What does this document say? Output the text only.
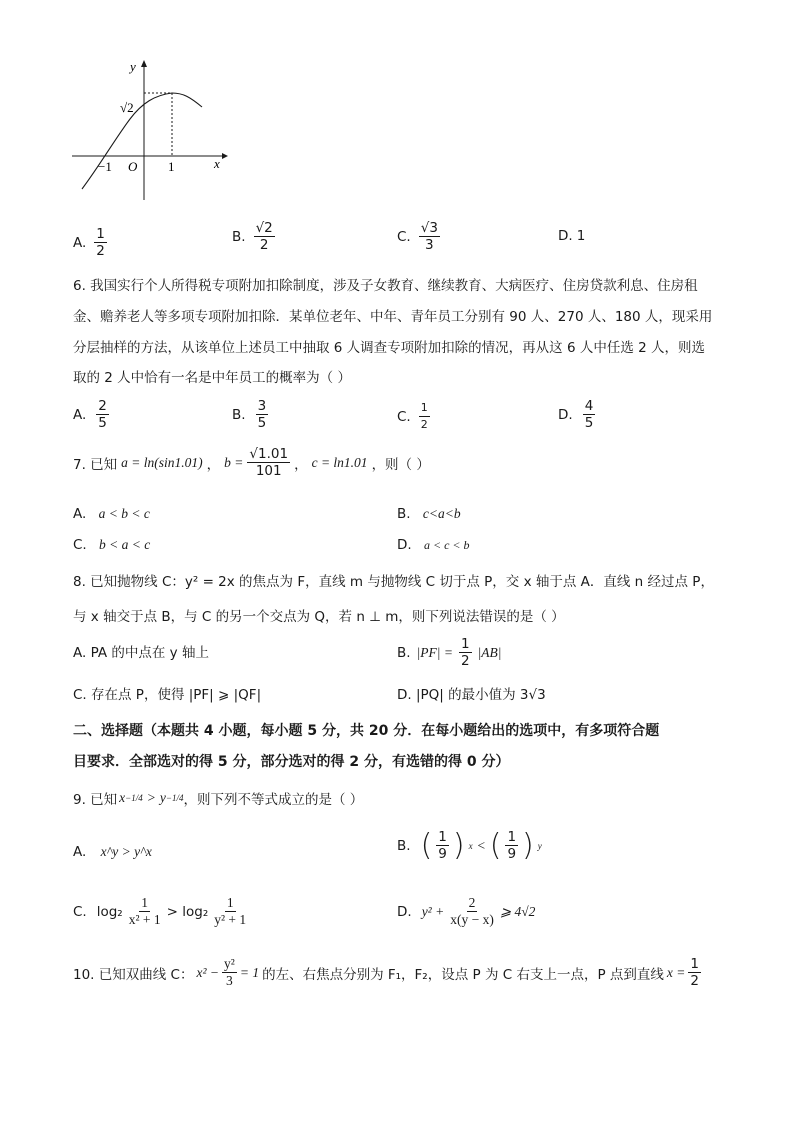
y
x
O
−1	1
√2
A. $\frac{1}{2}$	B. $\frac{√2}{2}$	C. $\frac{√3}{3}$	D. 1
6. 我国实行个人所得税专项附加扣除制度，涉及子女教育、继续教育、大病医疗、住房贷款利息、住房租
金、赡养老人等多项专项附加扣除．某单位老年、中年、青年员工分别有 90 人、270 人、180 人，现采用
分层抽样的方法，从该单位上述员工中抽取 6 人调查专项附加扣除的情况，再从这 6 人中任选 2 人，则选
取的 2 人中恰有一名是中年员工的概率为（ ）
A. $\frac{2}{5}$	B. $\frac{3}{5}$	C. $\frac{1}{2}$	D. $\frac{4}{5}$
7. 已知 a = ln(sin1.01) ， $b = \frac{√1.01}{101}$ ， c = ln1.01 ，则（ ）
A. a < b < c	B. c<a<b
C. b < a < c	D. a < c < b
8. 已知抛物线 C：y² = 2x 的焦点为 F，直线 m 与抛物线 C 切于点 P，交 x 轴于点 A．直线 n 经过点 P，
与 x 轴交于点 B，与 C 的另一个交点为 Q，若 n ⊥ m，则下列说法错误的是（ ）
A. PA 的中点在 y 轴上	B. $|PF| = \frac{1}{2} |AB|$
C. 存在点 P，使得 |PF| ⩾ |QF|	D. |PQ| 的最小值为 3√3
二、选择题（本题共 4 小题，每小题 5 分，共 20 分．在每小题给出的选项中，有多项符合题
目要求．全部选对的得 5 分，部分选对的得 2 分，有选错的得 0 分）
9. 已知 x −1/4 > y −1/4 ，则下列不等式成立的是（ ）
A. x^y > y^x	B. ( $\frac{1}{9}$ ) x < ( $\frac{1}{9}$ ) y
C. $\log_2 \frac{1}{\text{x² + 1}} > \log_2 \frac{1}{\text{y² + 1}}$	D. $y^2 + \frac{2}{x(y - x)}$ ⩾ 4√2
10. 已知双曲线 C： $x^2 - \frac{\text{y²}}{3} = 1$ 的左、右焦点分别为 F₁，F₂，设点 P 为 C 右支上一点，P 点到直线 $x = \frac{1}{2}$
